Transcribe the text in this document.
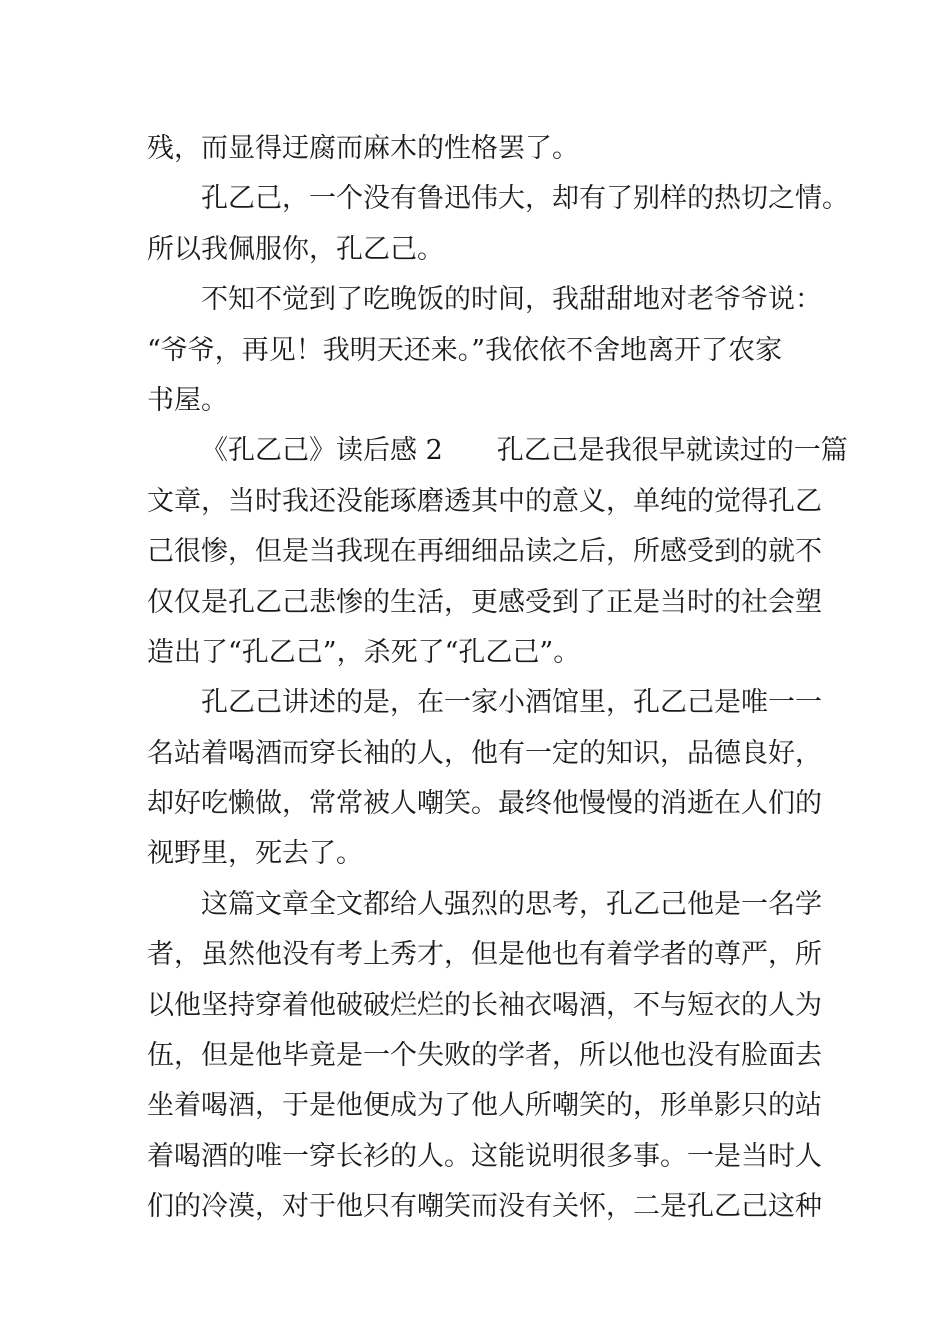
残，而显得迂腐而麻木的性格罢了。
孔乙己，一个没有鲁迅伟大，却有了别样的热切之情。
所以我佩服你，孔乙己。
不知不觉到了吃晚饭的时间，我甜甜地对老爷爷说：
“爷爷，再见！我明天还来。”我依依不舍地离开了农家
书屋。
《孔乙己》读后感 2　　孔乙己是我很早就读过的一篇
文章，当时我还没能琢磨透其中的意义，单纯的觉得孔乙
己很惨，但是当我现在再细细品读之后，所感受到的就不
仅仅是孔乙己悲惨的生活，更感受到了正是当时的社会塑
造出了“孔乙己”，杀死了“孔乙己”。
孔乙己讲述的是，在一家小酒馆里，孔乙己是唯一一
名站着喝酒而穿长袖的人，他有一定的知识，品德良好，
却好吃懒做，常常被人嘲笑。最终他慢慢的消逝在人们的
视野里，死去了。
这篇文章全文都给人强烈的思考，孔乙己他是一名学
者，虽然他没有考上秀才，但是他也有着学者的尊严，所
以他坚持穿着他破破烂烂的长袖衣喝酒，不与短衣的人为
伍，但是他毕竟是一个失败的学者，所以他也没有脸面去
坐着喝酒，于是他便成为了他人所嘲笑的，形单影只的站
着喝酒的唯一穿长衫的人。这能说明很多事。一是当时人
们的冷漠，对于他只有嘲笑而没有关怀，二是孔乙己这种
